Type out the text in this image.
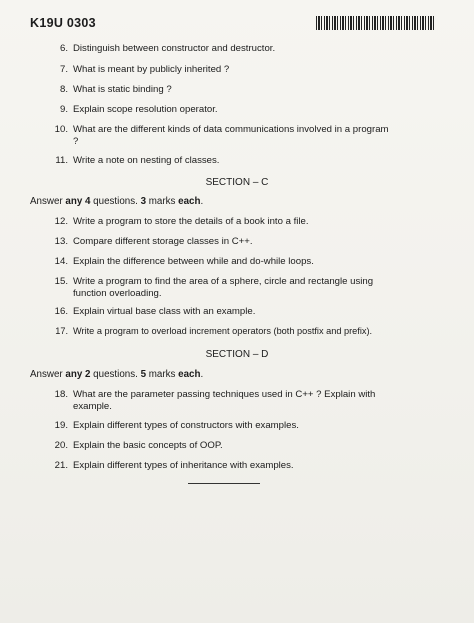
K19U 0303
6. Distinguish between constructor and destructor.
7. What is meant by publicly inherited ?
8. What is static binding ?
9. Explain scope resolution operator.
10. What are the different kinds of data communications involved in a program ?
11. Write a note on nesting of classes.
SECTION – C
Answer any 4 questions. 3 marks each.
12. Write a program to store the details of a book into a file.
13. Compare different storage classes in C++.
14. Explain the difference between while and do-while loops.
15. Write a program to find the area of a sphere, circle and rectangle using function overloading.
16. Explain virtual base class with an example.
17. Write a program to overload increment operators (both postfix and prefix).
SECTION – D
Answer any 2 questions. 5 marks each.
18. What are the parameter passing techniques used in C++ ? Explain with example.
19. Explain different types of constructors with examples.
20. Explain the basic concepts of OOP.
21. Explain different types of inheritance with examples.
